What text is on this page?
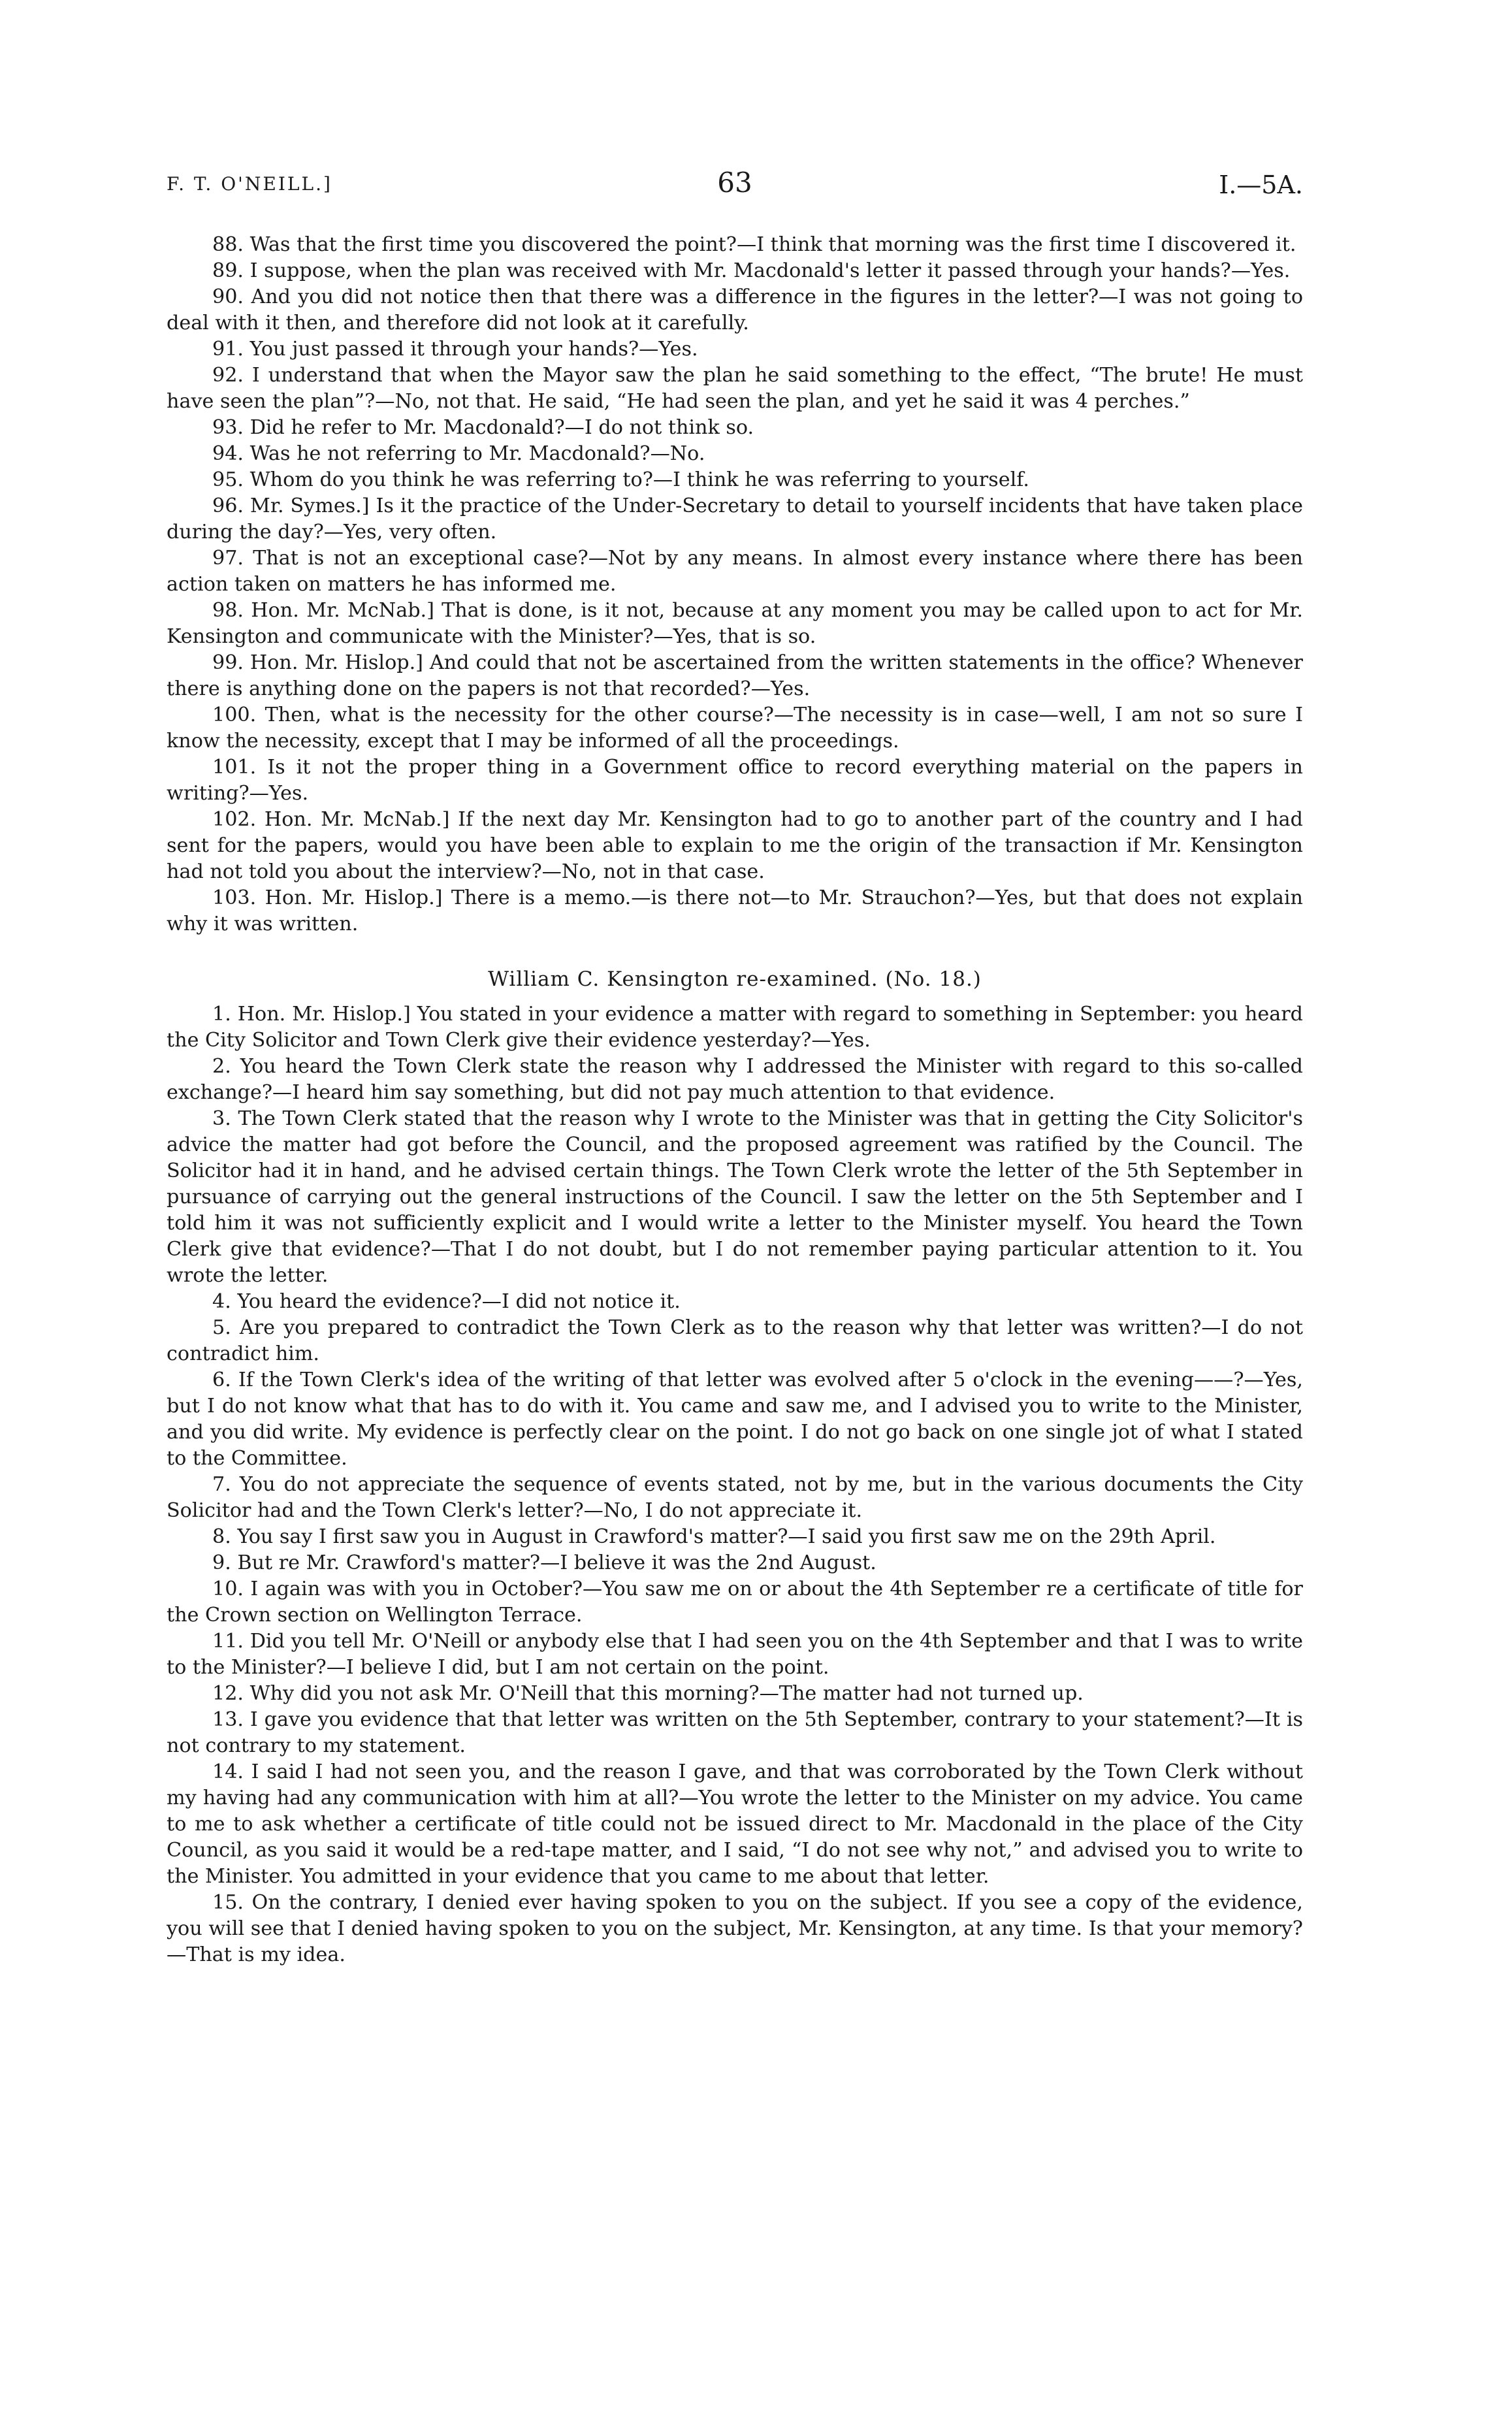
F. T. O'NEILL.]	63	I.—5A.

88. Was that the first time you discovered the point?—I think that morning was the first time I discovered it.

89. I suppose, when the plan was received with Mr. Macdonald's letter it passed through your hands?—Yes.

90. And you did not notice then that there was a difference in the figures in the letter?—I was not going to deal with it then, and therefore did not look at it carefully.

91. You just passed it through your hands?—Yes.

92. I understand that when the Mayor saw the plan he said something to the effect, “The brute! He must have seen the plan”?—No, not that. He said, “He had seen the plan, and yet he said it was 4 perches.”

93. Did he refer to Mr. Macdonald?—I do not think so.

94. Was he not referring to Mr. Macdonald?—No.

95. Whom do you think he was referring to?—I think he was referring to yourself.

96. Mr. Symes.] Is it the practice of the Under-Secretary to detail to yourself incidents that have taken place during the day?—Yes, very often.

97. That is not an exceptional case?—Not by any means. In almost every instance where there has been action taken on matters he has informed me.

98. Hon. Mr. McNab.] That is done, is it not, because at any moment you may be called upon to act for Mr. Kensington and communicate with the Minister?—Yes, that is so.

99. Hon. Mr. Hislop.] And could that not be ascertained from the written statements in the office? Whenever there is anything done on the papers is not that recorded?—Yes.

100. Then, what is the necessity for the other course?—The necessity is in case—well, I am not so sure I know the necessity, except that I may be informed of all the proceedings.

101. Is it not the proper thing in a Government office to record everything material on the papers in writing?—Yes.

102. Hon. Mr. McNab.] If the next day Mr. Kensington had to go to another part of the country and I had sent for the papers, would you have been able to explain to me the origin of the transaction if Mr. Kensington had not told you about the interview?—No, not in that case.

103. Hon. Mr. Hislop.] There is a memo.—is there not—to Mr. Strauchon?—Yes, but that does not explain why it was written.

William C. Kensington re-examined. (No. 18.)

1. Hon. Mr. Hislop.] You stated in your evidence a matter with regard to something in September: you heard the City Solicitor and Town Clerk give their evidence yesterday?—Yes.

2. You heard the Town Clerk state the reason why I addressed the Minister with regard to this so-called exchange?—I heard him say something, but did not pay much attention to that evidence.

3. The Town Clerk stated that the reason why I wrote to the Minister was that in getting the City Solicitor's advice the matter had got before the Council, and the proposed agreement was ratified by the Council. The Solicitor had it in hand, and he advised certain things. The Town Clerk wrote the letter of the 5th September in pursuance of carrying out the general instructions of the Council. I saw the letter on the 5th September and I told him it was not sufficiently explicit and I would write a letter to the Minister myself. You heard the Town Clerk give that evidence?—That I do not doubt, but I do not remember paying particular attention to it. You wrote the letter.

4. You heard the evidence?—I did not notice it.

5. Are you prepared to contradict the Town Clerk as to the reason why that letter was written?—I do not contradict him.

6. If the Town Clerk's idea of the writing of that letter was evolved after 5 o'clock in the evening——?—Yes, but I do not know what that has to do with it. You came and saw me, and I advised you to write to the Minister, and you did write. My evidence is perfectly clear on the point. I do not go back on one single jot of what I stated to the Committee.

7. You do not appreciate the sequence of events stated, not by me, but in the various documents the City Solicitor had and the Town Clerk's letter?—No, I do not appreciate it.

8. You say I first saw you in August in Crawford's matter?—I said you first saw me on the 29th April.

9. But re Mr. Crawford's matter?—I believe it was the 2nd August.

10. I again was with you in October?—You saw me on or about the 4th September re a certificate of title for the Crown section on Wellington Terrace.

11. Did you tell Mr. O'Neill or anybody else that I had seen you on the 4th September and that I was to write to the Minister?—I believe I did, but I am not certain on the point.

12. Why did you not ask Mr. O'Neill that this morning?—The matter had not turned up.

13. I gave you evidence that that letter was written on the 5th September, contrary to your statement?—It is not contrary to my statement.

14. I said I had not seen you, and the reason I gave, and that was corroborated by the Town Clerk without my having had any communication with him at all?—You wrote the letter to the Minister on my advice. You came to me to ask whether a certificate of title could not be issued direct to Mr. Macdonald in the place of the City Council, as you said it would be a red-tape matter, and I said, “I do not see why not,” and advised you to write to the Minister. You admitted in your evidence that you came to me about that letter.

15. On the contrary, I denied ever having spoken to you on the subject. If you see a copy of the evidence, you will see that I denied having spoken to you on the subject, Mr. Kensington, at any time. Is that your memory?—That is my idea.
